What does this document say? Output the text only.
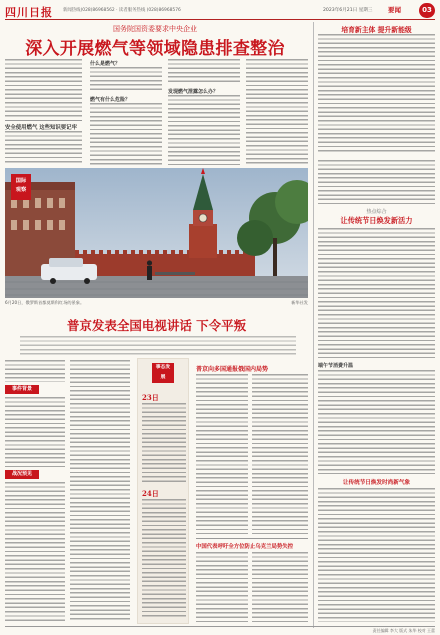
四川日报 新闻热线(028)86968562 · 读者服务热线 (028)86968576	2023年6月21日 星期三 要闻	03
国务院国资委要求中央企业
深入开展燃气等领域隐患排查整治
安全使用燃气 这些知识要记牢
什么是燃气？
燃气有什么危险？
发现燃气泄露怎么办？
国际
观察
6月20日，俄罗斯首都莫斯科红场的景象。	新华社发
普京发表全国电视讲话 下令平叛
事件背景
战况预见
事态发展
23日
24日
普京向多国通报俄国内局势
中国代表呼吁全方位防止乌克兰局势失控
培育新主体 提升新能级
热点综合
让传统节日焕发新活力
端午节消费升温
让传统节日焕发时尚新气象
责任编辑 李大 版式 朱华 校对 王蕾
